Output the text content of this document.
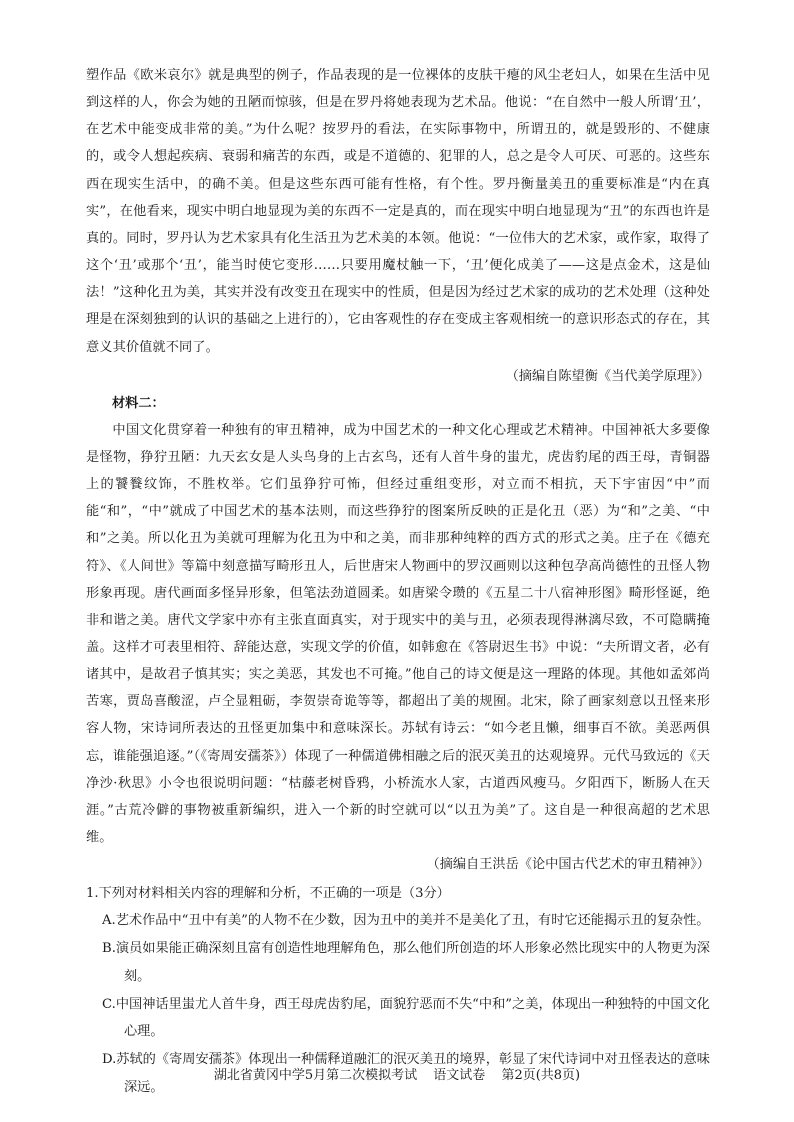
塑作品《欧米哀尔》就是典型的例子，作品表现的是一位裸体的皮肤干瘪的风尘老妇人，如果在生活中见到这样的人，你会为她的丑陋而惊骇，但是在罗丹将她表现为艺术品。他说：“在自然中一般人所谓‘丑’，在艺术中能变成非常的美。”为什么呢？按罗丹的看法，在实际事物中，所谓丑的，就是毁形的、不健康的，或令人想起疾病、衰弱和痛苦的东西，或是不道德的、犯罪的人，总之是令人可厌、可恶的。这些东西在现实生活中，的确不美。但是这些东西可能有性格，有个性。罗丹衡量美丑的重要标准是“内在真实”，在他看来，现实中明白地显现为美的东西不一定是真的，而在现实中明白地显现为“丑”的东西也许是真的。同时，罗丹认为艺术家具有化生活丑为艺术美的本领。他说：“一位伟大的艺术家，或作家，取得了这个‘丑’或那个‘丑’，能当时使它变形……只要用魔杖触一下，‘丑’便化成美了——这是点金术，这是仙法！”这种化丑为美，其实并没有改变丑在现实中的性质，但是因为经过艺术家的成功的艺术处理（这种处理是在深刻独到的认识的基础之上进行的），它由客观性的存在变成主客观相统一的意识形态式的存在，其意义其价值就不同了。

（摘编自陈望衡《当代美学原理》）

材料二：

中国文化贯穿着一种独有的审丑精神，成为中国艺术的一种文化心理或艺术精神。中国神祇大多要像是怪物，狰狞丑陋：九天玄女是人头鸟身的上古玄鸟，还有人首牛身的蚩尤，虎齿豹尾的西王母，青铜器上的饕餮纹饰，不胜枚举。它们虽狰狞可怖，但经过重组变形，对立而不相抗，天下宇宙因“中”而能“和”，“中”就成了中国艺术的基本法则，而这些狰狞的图案所反映的正是化丑（恶）为“和”之美、“中和”之美。所以化丑为美就可理解为化丑为中和之美，而非那种纯粹的西方式的形式之美。庄子在《德充符》、《人间世》等篇中刻意描写畸形丑人，后世唐宋人物画中的罗汉画则以这种包孕高尚德性的丑怪人物形象再现。唐代画面多怪异形象，但笔法劲道圆柔。如唐梁令瓒的《五星二十八宿神形图》畸形怪诞，绝非和谐之美。唐代文学家中亦有主张直面真实，对于现实中的美与丑，必须表现得淋漓尽致，不可隐瞒掩盖。这样才可表里相符、辞能达意，实现文学的价值，如韩愈在《答尉迟生书》中说：“夫所谓文者，必有诸其中，是故君子慎其实；实之美恶，其发也不可掩。”他自己的诗文便是这一理路的体现。其他如孟郊尚苦寒，贾岛喜酸涩，卢仝显粗砺，李贺崇奇诡等等，都超出了美的规囿。北宋，除了画家刻意以丑怪来形容人物，宋诗词所表达的丑怪更加集中和意味深长。苏轼有诗云：“如今老且懒，细事百不欲。美恶两俱忘，谁能强追逐。”（《寄周安孺茶》）体现了一种儒道佛相融之后的泯灭美丑的达观境界。元代马致远的《天净沙·秋思》小令也很说明问题：“枯藤老树昏鸦，小桥流水人家，古道西风瘦马。夕阳西下，断肠人在天涯。”古荒冷僻的事物被重新编织，进入一个新的时空就可以“以丑为美”了。这自是一种很高超的艺术思维。

（摘编自王洪岳《论中国古代艺术的审丑精神》）

1.下列对材料相关内容的理解和分析，不正确的一项是（3分）

A.艺术作品中“丑中有美”的人物不在少数，因为丑中的美并不是美化了丑，有时它还能揭示丑的复杂性。

B.演员如果能正确深刻且富有创造性地理解角色，那么他们所创造的坏人形象必然比现实中的人物更为深刻。

C.中国神话里蚩尤人首牛身，西王母虎齿豹尾，面貌狞恶而不失“中和”之美，体现出一种独特的中国文化心理。

D.苏轼的《寄周安孺茶》体现出一种儒释道融汇的泯灭美丑的境界，彰显了宋代诗词中对丑怪表达的意味深远。

湖北省黄冈中学5月第二次模拟考试 语文试卷 第2页(共8页)
